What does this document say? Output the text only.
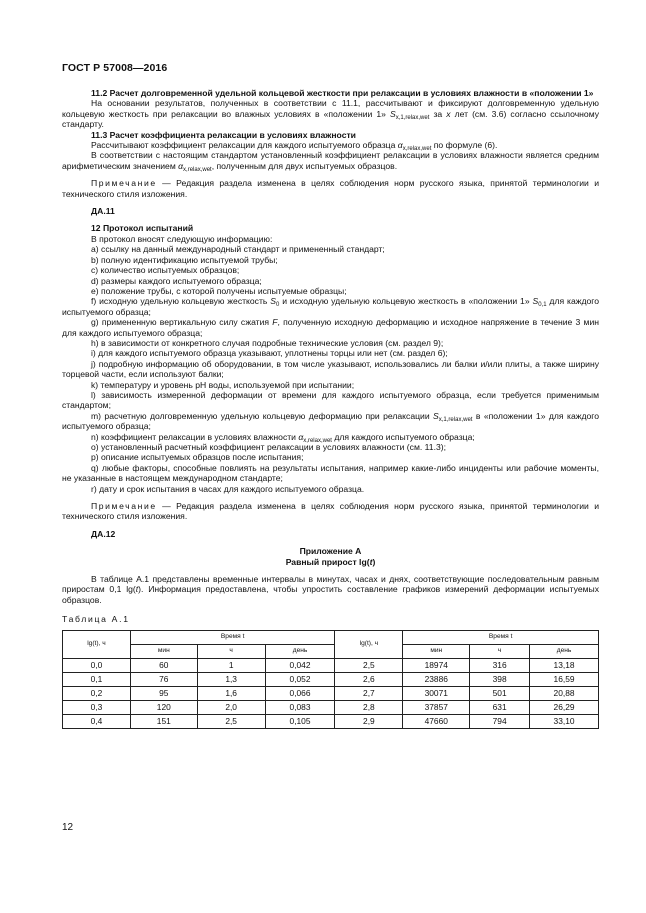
ГОСТ Р 57008—2016

11.2 Расчет долговременной удельной кольцевой жесткости при релаксации в условиях влажности в «положении 1»

На основании результатов, полученных в соответствии с 11.1, рассчитывают и фиксируют долговременную удельную кольцевую жесткость при релаксации во влажных условиях в «положении 1» $S_{x,1,relax,wet}$ за x лет (см. 3.6) согласно ссылочному стандарту.

11.3 Расчет коэффициента релаксации в условиях влажности

Рассчитывают коэффициент релаксации для каждого испытуемого образца $\alpha_{x,relax,wet}$ по формуле (6).

В соответствии с настоящим стандартом установленный коэффициент релаксации в условиях влажности является средним арифметическим значением $\alpha_{x,relax,wet}$, полученным для двух испытуемых образцов.

Примечание — Редакция раздела изменена в целях соблюдения норм русского языка, принятой терминологии и технического стиля изложения.

ДА.11

12 Протокол испытаний

В протокол вносят следующую информацию:

a) ссылку на данный международный стандарт и примененный стандарт;

b) полную идентификацию испытуемой трубы;

c) количество испытуемых образцов;

d) размеры каждого испытуемого образца;

e) положение трубы, с которой получены испытуемые образцы;

f) исходную удельную кольцевую жесткость $S_0$ и исходную удельную кольцевую жесткость в «положении 1» $S_{0,1}$ для каждого испытуемого образца;

g) примененную вертикальную силу сжатия F, полученную исходную деформацию и исходное напряжение в течение 3 мин для каждого испытуемого образца;

h) в зависимости от конкретного случая подробные технические условия (см. раздел 9);

i) для каждого испытуемого образца указывают, уплотнены торцы или нет (см. раздел 6);

j) подробную информацию об оборудовании, в том числе указывают, использовались ли балки и/или плиты, а также ширину торцевой части, если используют балки;

k) температуру и уровень pH воды, используемой при испытании;

l) зависимость измеренной деформации от времени для каждого испытуемого образца, если требуется применимым стандартом;

m) расчетную долговременную удельную кольцевую деформацию при релаксации $S_{x,1,relax,wet}$ в «положении 1» для каждого испытуемого образца;

n) коэффициент релаксации в условиях влажности $\alpha_{x,relax,wet}$ для каждого испытуемого образца;

o) установленный расчетный коэффициент релаксации в условиях влажности (см. 11.3);

p) описание испытуемых образцов после испытания;

q) любые факторы, способные повлиять на результаты испытания, например какие-либо инциденты или рабочие моменты, не указанные в настоящем международном стандарте;

r) дату и срок испытания в часах для каждого испытуемого образца.

Примечание — Редакция раздела изменена в целях соблюдения норм русского языка, принятой терминологии и технического стиля изложения.

ДА.12

Приложение А

Равный прирост lg(t)

В таблице А.1 представлены временные интервалы в минутах, часах и днях, соответствующие последовательным равным приростам 0,1 lg(t). Информация предоставлена, чтобы упростить составление графиков измерений деформации испытуемых образцов.

Таблица А.1

lg(t), ч	Время t			lg(t), ч	Время t		
	мин	ч	день		мин	ч	день
0,0	60	1	0,042	2,5	18974	316	13,18
0,1	76	1,3	0,052	2,6	23886	398	16,59
0,2	95	1,6	0,066	2,7	30071	501	20,88
0,3	120	2,0	0,083	2,8	37857	631	26,29
0,4	151	2,5	0,105	2,9	47660	794	33,10
12
